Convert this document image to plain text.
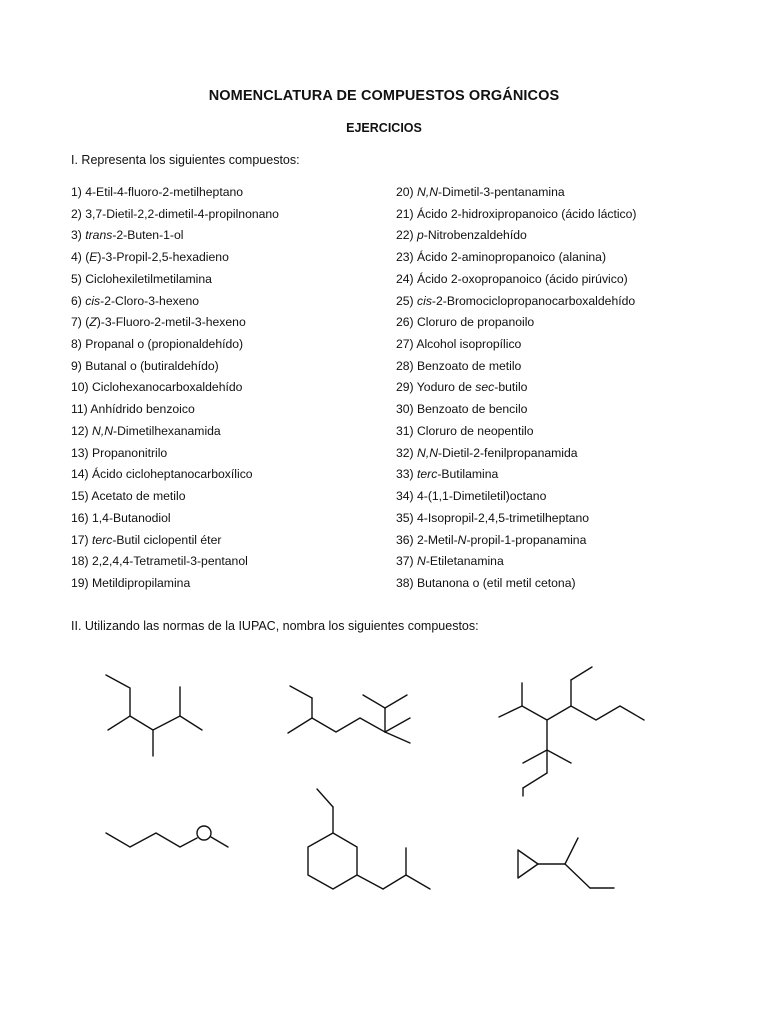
NOMENCLATURA DE COMPUESTOS ORGÁNICOS
EJERCICIOS
I. Representa los siguientes compuestos:
1) 4-Etil-4-fluoro-2-metilheptano
2) 3,7-Dietil-2,2-dimetil-4-propilnonano
3) trans-2-Buten-1-ol
4) (E)-3-Propil-2,5-hexadieno
5) Ciclohexiletilmetilamina
6) cis-2-Cloro-3-hexeno
7) (Z)-3-Fluoro-2-metil-3-hexeno
8) Propanal o (propionaldehído)
9) Butanal o (butiraldehído)
10) Ciclohexanocarboxaldehído
11) Anhídrido benzoico
12) N,N-Dimetilhexanamida
13) Propanonitrilo
14) Ácido cicloheptanocarboxílico
15) Acetato de metilo
16) 1,4-Butanodiol
17) terc-Butil ciclopentil éter
18) 2,2,4,4-Tetrametil-3-pentanol
19) Metildipropilamina
20) N,N-Dimetil-3-pentanamina
21) Ácido 2-hidroxipropanoico (ácido láctico)
22) p-Nitrobenzaldehído
23) Ácido 2-aminopropanoico (alanina)
24) Ácido 2-oxopropanoico (ácido pirúvico)
25) cis-2-Bromociclopropanocarboxaldehído
26) Cloruro de propanoilo
27) Alcohol isopropílico
28) Benzoato de metilo
29) Yoduro de sec-butilo
30) Benzoato de bencilo
31) Cloruro de neopentilo
32) N,N-Dietil-2-fenilpropanamida
33) terc-Butilamina
34) 4-(1,1-Dimetiletil)octano
35) 4-Isopropil-2,4,5-trimetilheptano
36) 2-Metil-N-propil-1-propanamina
37) N-Etiletanamina
38) Butanona o (etil metil cetona)
II. Utilizando las normas de la IUPAC, nombra los siguientes compuestos:
